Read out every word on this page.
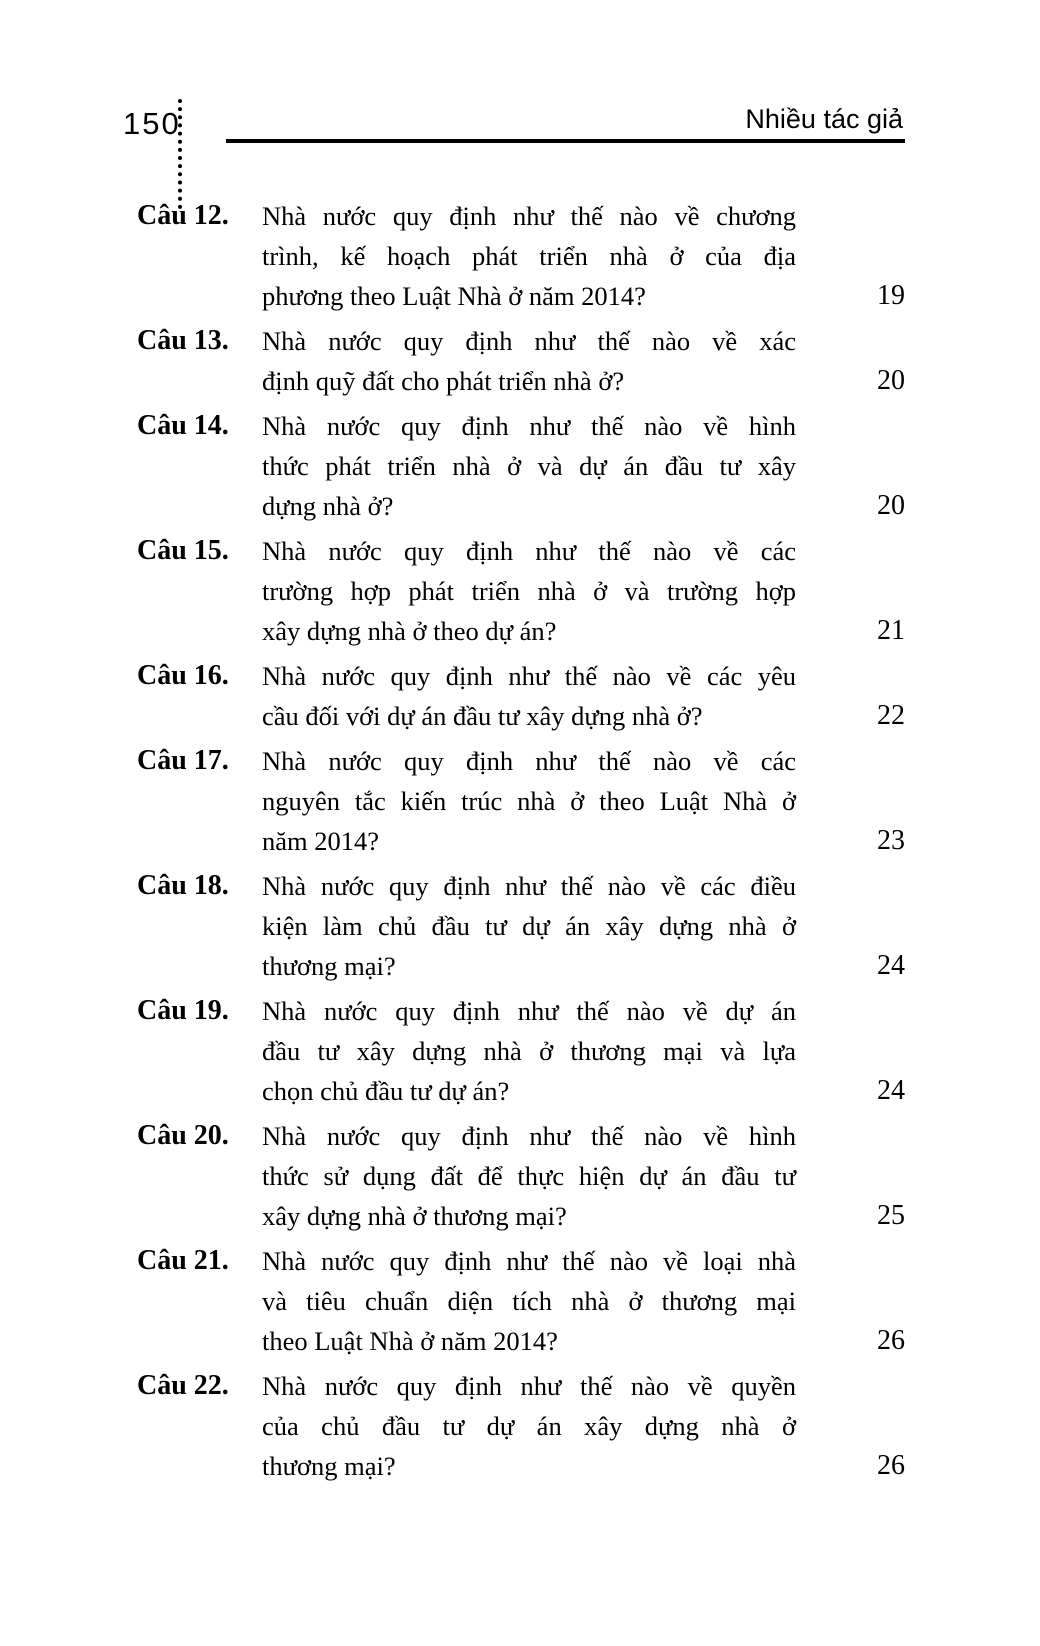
150	Nhiều tác giả
Câu 12.	Nhà nước quy định như thế nào về chương
trình, kế hoạch phát triển nhà ở của địa
phương theo Luật Nhà ở năm 2014?	19
Câu 13.	Nhà nước quy định như thế nào về xác
định quỹ đất cho phát triển nhà ở?	20
Câu 14.	Nhà nước quy định như thế nào về hình
thức phát triển nhà ở và dự án đầu tư xây
dựng nhà ở?	20
Câu 15.	Nhà nước quy định như thế nào về các
trường hợp phát triển nhà ở và trường hợp
xây dựng nhà ở theo dự án?	21
Câu 16.	Nhà nước quy định như thế nào về các yêu
cầu đối với dự án đầu tư xây dựng nhà ở?	22
Câu 17.	Nhà nước quy định như thế nào về các
nguyên tắc kiến trúc nhà ở theo Luật Nhà ở
năm 2014?	23
Câu 18.	Nhà nước quy định như thế nào về các điều
kiện làm chủ đầu tư dự án xây dựng nhà ở
thương mại?	24
Câu 19.	Nhà nước quy định như thế nào về dự án
đầu tư xây dựng nhà ở thương mại và lựa
chọn chủ đầu tư dự án?	24
Câu 20.	Nhà nước quy định như thế nào về hình
thức sử dụng đất để thực hiện dự án đầu tư
xây dựng nhà ở thương mại?	25
Câu 21.	Nhà nước quy định như thế nào về loại nhà
và tiêu chuẩn diện tích nhà ở thương mại
theo Luật Nhà ở năm 2014?	26
Câu 22.	Nhà nước quy định như thế nào về quyền
của chủ đầu tư dự án xây dựng nhà ở
thương mại?	26
